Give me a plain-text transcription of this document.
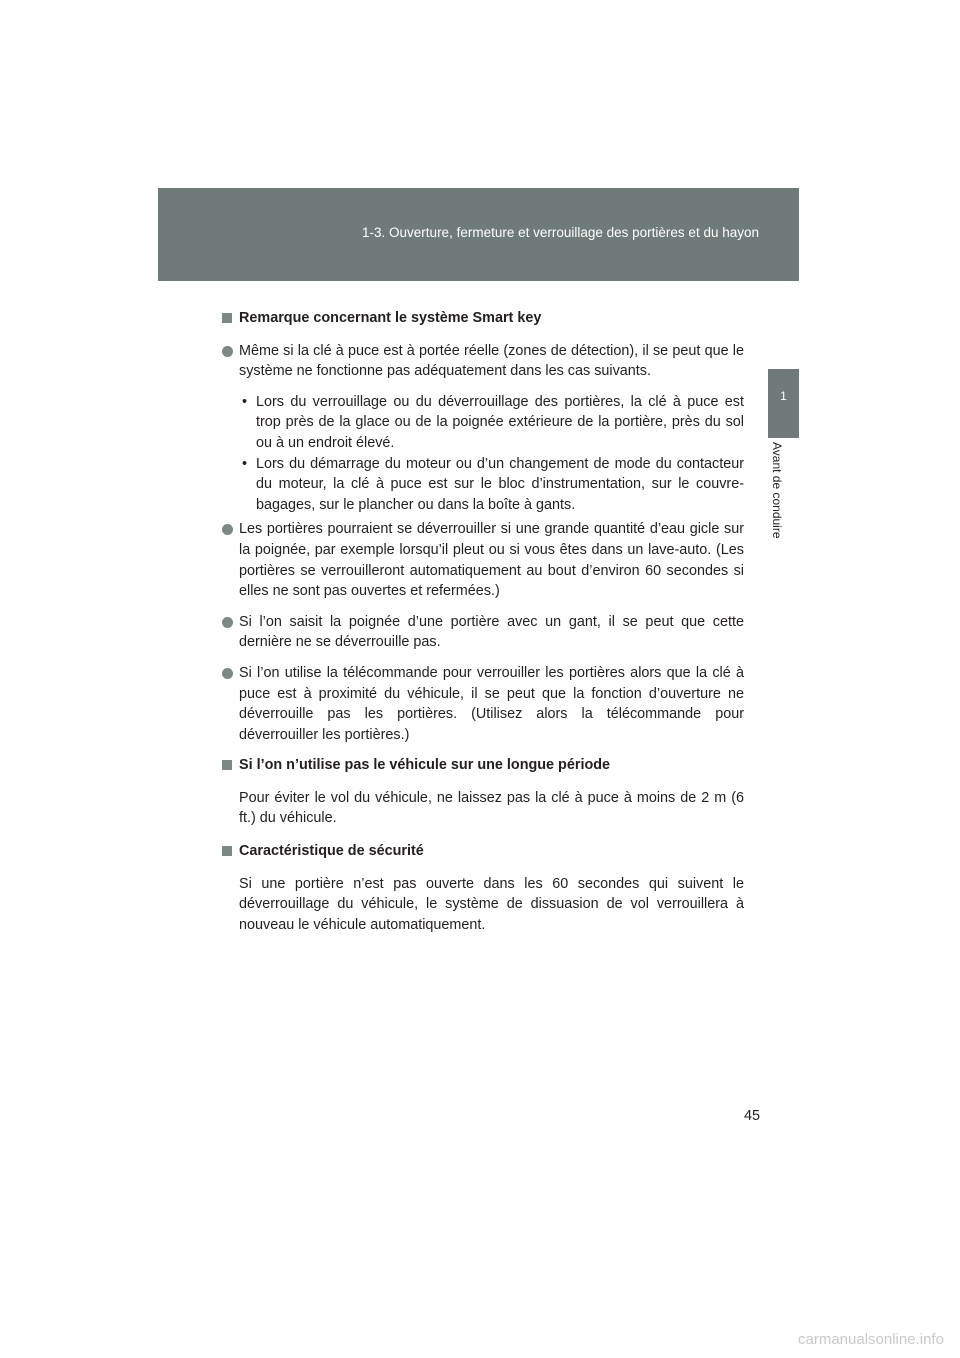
1-3. Ouverture, fermeture et verrouillage des portières et du hayon
1
Avant de conduire
Remarque concernant le système Smart key
Même si la clé à puce est à portée réelle (zones de détection), il se peut que le système ne fonctionne pas adéquatement dans les cas suivants.
• Lors du verrouillage ou du déverrouillage des portières, la clé à puce est trop près de la glace ou de la poignée extérieure de la portière, près du sol ou à un endroit élevé.
• Lors du démarrage du moteur ou d’un changement de mode du contacteur du moteur, la clé à puce est sur le bloc d’instrumentation, sur le couvre-bagages, sur le plancher ou dans la boîte à gants.
Les portières pourraient se déverrouiller si une grande quantité d’eau gicle sur la poignée, par exemple lorsqu’il pleut ou si vous êtes dans un lave-auto. (Les portières se verrouilleront automatiquement au bout d’environ 60 secondes si elles ne sont pas ouvertes et refermées.)
Si l’on saisit la poignée d’une portière avec un gant, il se peut que cette dernière ne se déverrouille pas.
Si l’on utilise la télécommande pour verrouiller les portières alors que la clé à puce est à proximité du véhicule, il se peut que la fonction d’ouverture ne déverrouille pas les portières. (Utilisez alors la télécommande pour déverrouiller les portières.)
Si l’on n’utilise pas le véhicule sur une longue période
Pour éviter le vol du véhicule, ne laissez pas la clé à puce à moins de 2 m (6 ft.) du véhicule.
Caractéristique de sécurité
Si une portière n’est pas ouverte dans les 60 secondes qui suivent le déverrouillage du véhicule, le système de dissuasion de vol verrouillera à nouveau le véhicule automatiquement.
45
carmanualsonline.info
